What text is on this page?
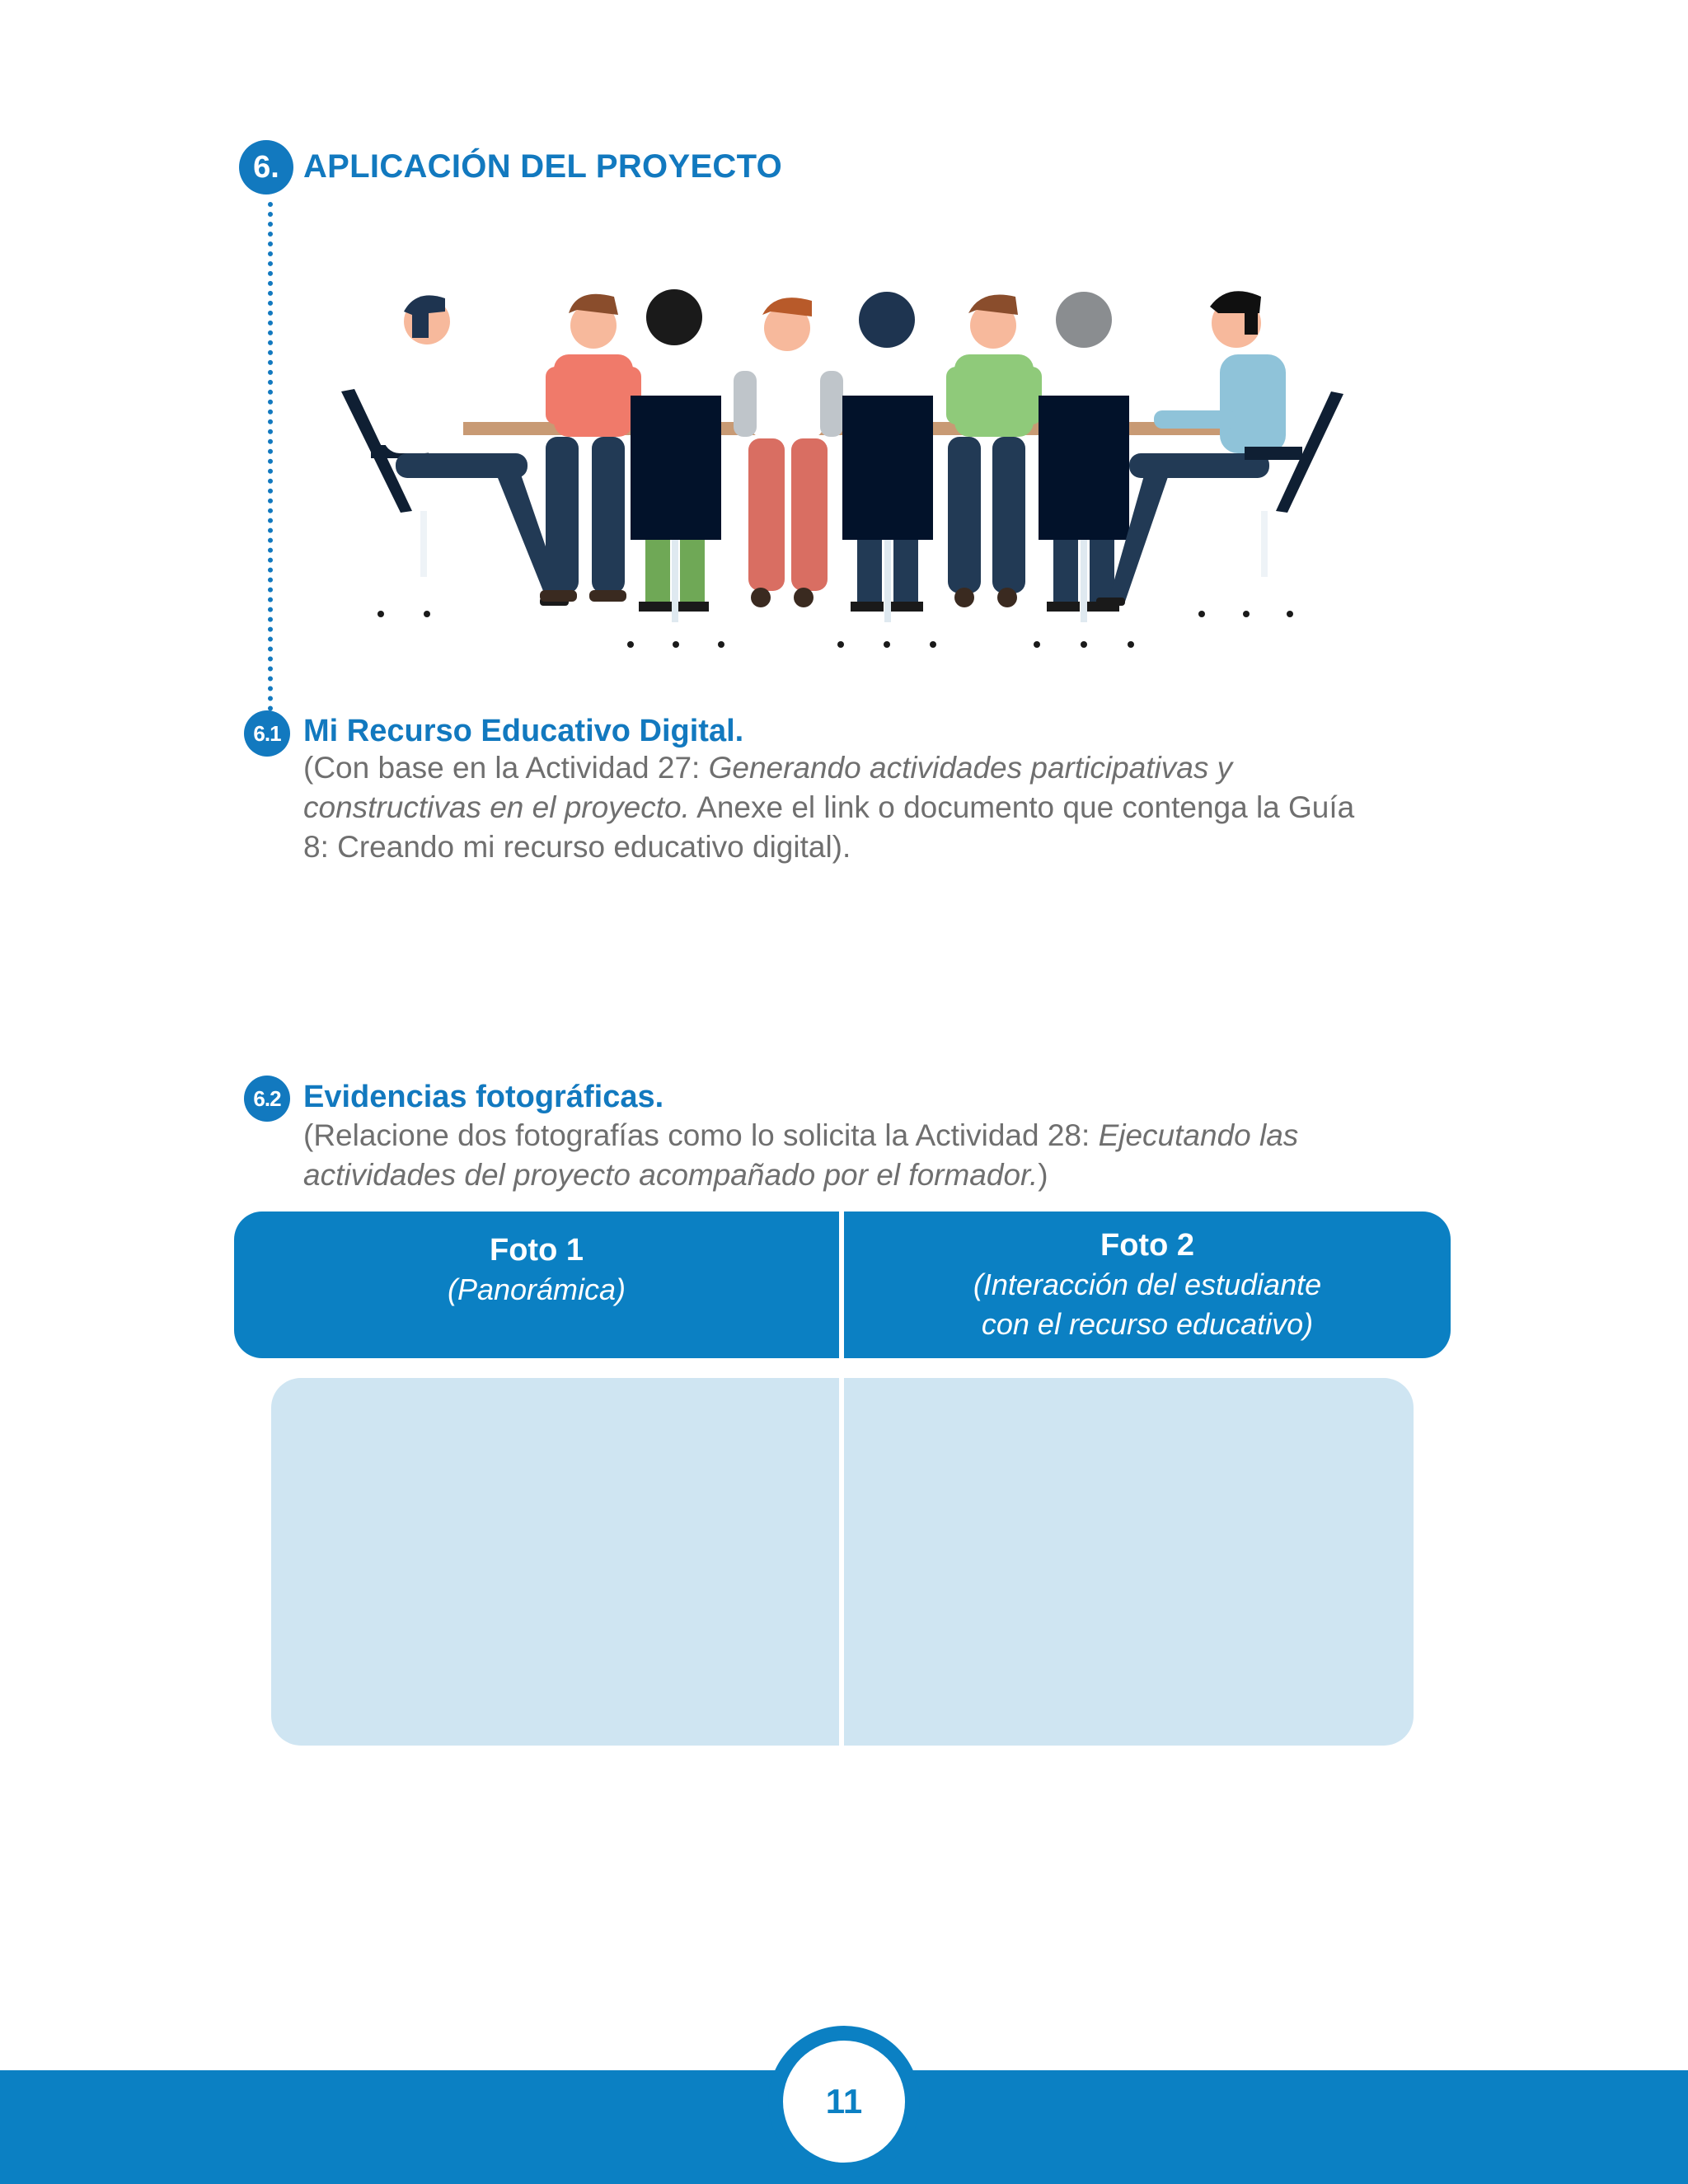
6. APLICACIÓN DEL PROYECTO
6.1 Mi Recurso Educativo Digital.
(Con base en la Actividad 27: Generando actividades participativas y constructivas en el proyecto. Anexe el link o documento que contenga la Guía 8: Creando mi recurso educativo digital).
6.2 Evidencias fotográficas.
(Relacione dos fotografías como lo solicita la Actividad 28: Ejecutando las actividades del proyecto acompañado por el formador.)
Foto 1
(Panorámica)
Foto 2
(Interacción del estudiante
con el recurso educativo)
11
